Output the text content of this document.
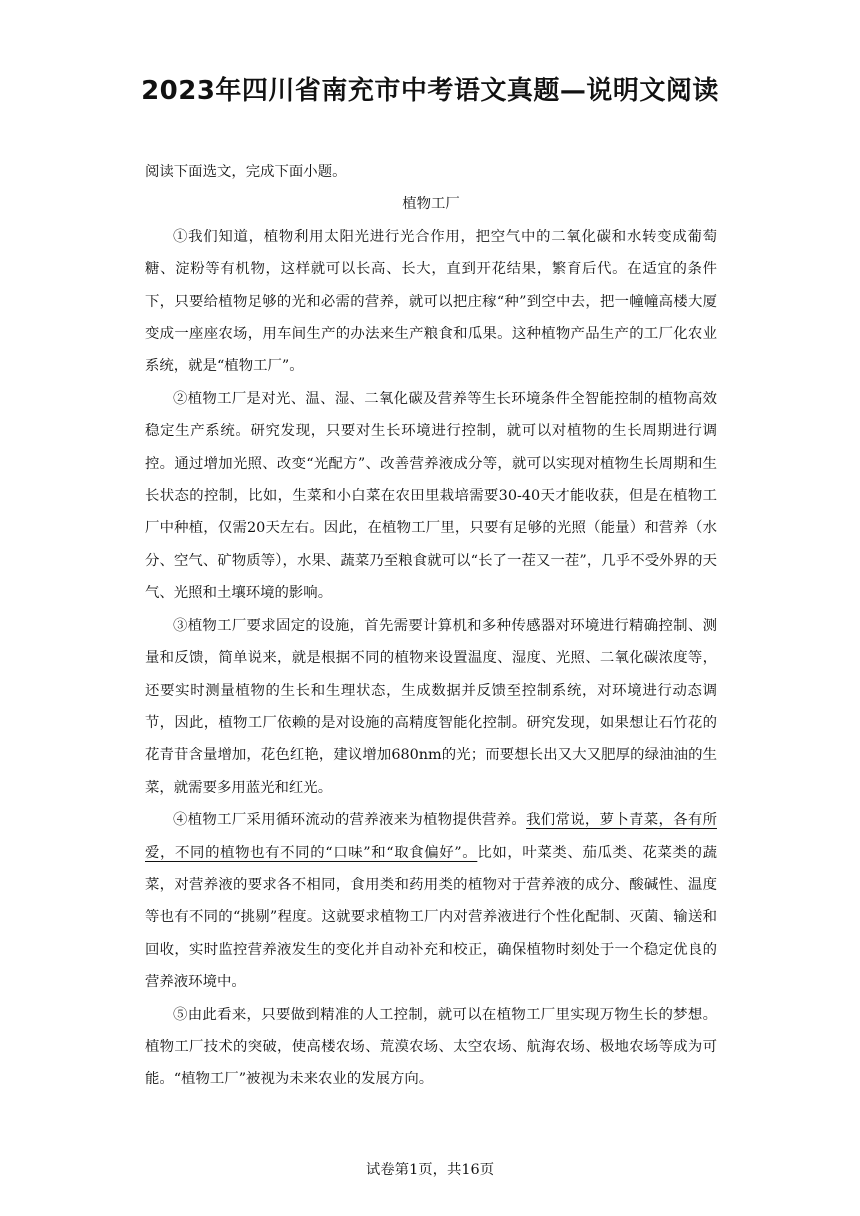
2023年四川省南充市中考语文真题—说明文阅读

阅读下面选文，完成下面小题。

植物工厂

①我们知道，植物利用太阳光进行光合作用，把空气中的二氧化碳和水转变成葡萄糖、淀粉等有机物，这样就可以长高、长大，直到开花结果，繁育后代。在适宜的条件下，只要给植物足够的光和必需的营养，就可以把庄稼“种”到空中去，把一幢幢高楼大厦变成一座座农场，用车间生产的办法来生产粮食和瓜果。这种植物产品生产的工厂化农业系统，就是“植物工厂”。

②植物工厂是对光、温、湿、二氧化碳及营养等生长环境条件全智能控制的植物高效稳定生产系统。研究发现，只要对生长环境进行控制，就可以对植物的生长周期进行调控。通过增加光照、改变“光配方”、改善营养液成分等，就可以实现对植物生长周期和生长状态的控制，比如，生菜和小白菜在农田里栽培需要30-40天才能收获，但是在植物工厂中种植，仅需20天左右。因此，在植物工厂里，只要有足够的光照（能量）和营养（水分、空气、矿物质等），水果、蔬菜乃至粮食就可以“长了一茬又一茬”，几乎不受外界的天气、光照和土壤环境的影响。

③植物工厂要求固定的设施，首先需要计算机和多种传感器对环境进行精确控制、测量和反馈，简单说来，就是根据不同的植物来设置温度、湿度、光照、二氧化碳浓度等，还要实时测量植物的生长和生理状态，生成数据并反馈至控制系统，对环境进行动态调节，因此，植物工厂依赖的是对设施的高精度智能化控制。研究发现，如果想让石竹花的花青苷含量增加，花色红艳，建议增加680nm的光；而要想长出又大又肥厚的绿油油的生菜，就需要多用蓝光和红光。

④植物工厂采用循环流动的营养液来为植物提供营养。我们常说，萝卜青菜，各有所爱，不同的植物也有不同的“口味”和“取食偏好”。比如，叶菜类、茄瓜类、花菜类的蔬菜，对营养液的要求各不相同，食用类和药用类的植物对于营养液的成分、酸碱性、温度等也有不同的“挑剔”程度。这就要求植物工厂内对营养液进行个性化配制、灭菌、输送和回收，实时监控营养液发生的变化并自动补充和校正，确保植物时刻处于一个稳定优良的营养液环境中。

⑤由此看来，只要做到精准的人工控制，就可以在植物工厂里实现万物生长的梦想。植物工厂技术的突破，使高楼农场、荒漠农场、太空农场、航海农场、极地农场等成为可能。“植物工厂”被视为未来农业的发展方向。

试卷第1页，共16页
